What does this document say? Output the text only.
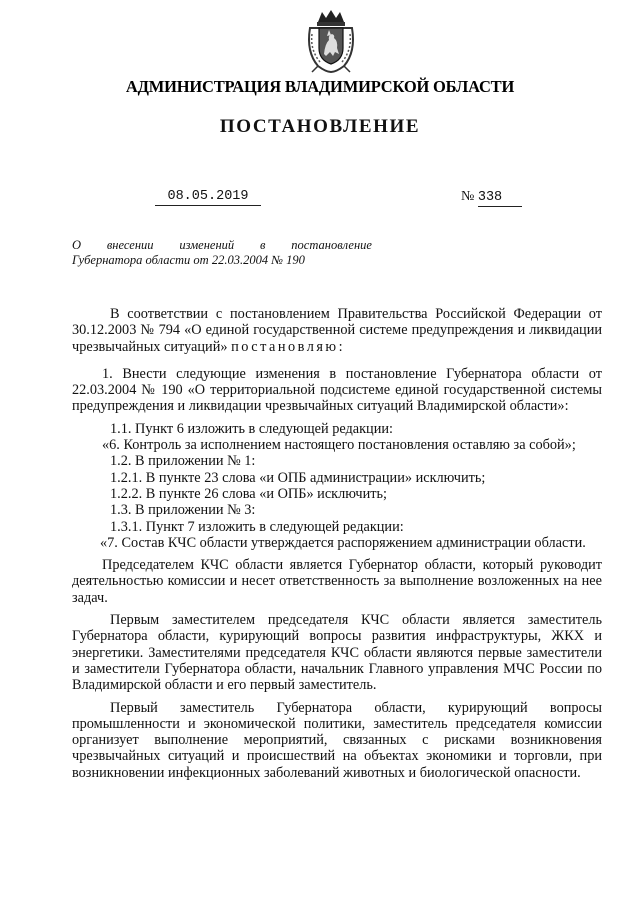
АДМИНИСТРАЦИЯ ВЛАДИМИРСКОЙ ОБЛАСТИ
ПОСТАНОВЛЕНИЕ
08.05.2019	№ 338
О внесении изменений в постановление
Губернатора области от 22.03.2004 № 190

В соответствии с постановлением Правительства Российской Федерации от 30.12.2003 № 794 «О единой государственной системе предупреждения и ликвидации чрезвычайных ситуаций» постановляю:

1. Внести следующие изменения в постановление Губернатора области от 22.03.2004 № 190 «О территориальной подсистеме единой государственной системы предупреждения и ликвидации чрезвычайных ситуаций Владимирской области»:

1.1. Пункт 6 изложить в следующей редакции:

«6. Контроль за исполнением настоящего постановления оставляю за собой»;

1.2. В приложении № 1:

1.2.1. В пункте 23 слова «и ОПБ администрации» исключить;

1.2.2. В пункте 26 слова «и ОПБ» исключить;

1.3. В приложении № 3:

1.3.1. Пункт 7 изложить в следующей редакции:

«7. Состав КЧС области утверждается распоряжением администрации области.

Председателем КЧС области является Губернатор области, который руководит деятельностью комиссии и несет ответственность за выполнение возложенных на нее задач.

Первым заместителем председателя КЧС области является заместитель Губернатора области, курирующий вопросы развития инфраструктуры, ЖКХ и энергетики. Заместителями председателя КЧС области являются первые заместители и заместители Губернатора области, начальник Главного управления МЧС России по Владимирской области и его первый заместитель.

Первый заместитель Губернатора области, курирующий вопросы промышленности и экономической политики, заместитель председателя комиссии организует выполнение мероприятий, связанных с рисками возникновения чрезвычайных ситуаций и происшествий на объектах экономики и торговли, при возникновении инфекционных заболеваний животных и биологической опасности.
